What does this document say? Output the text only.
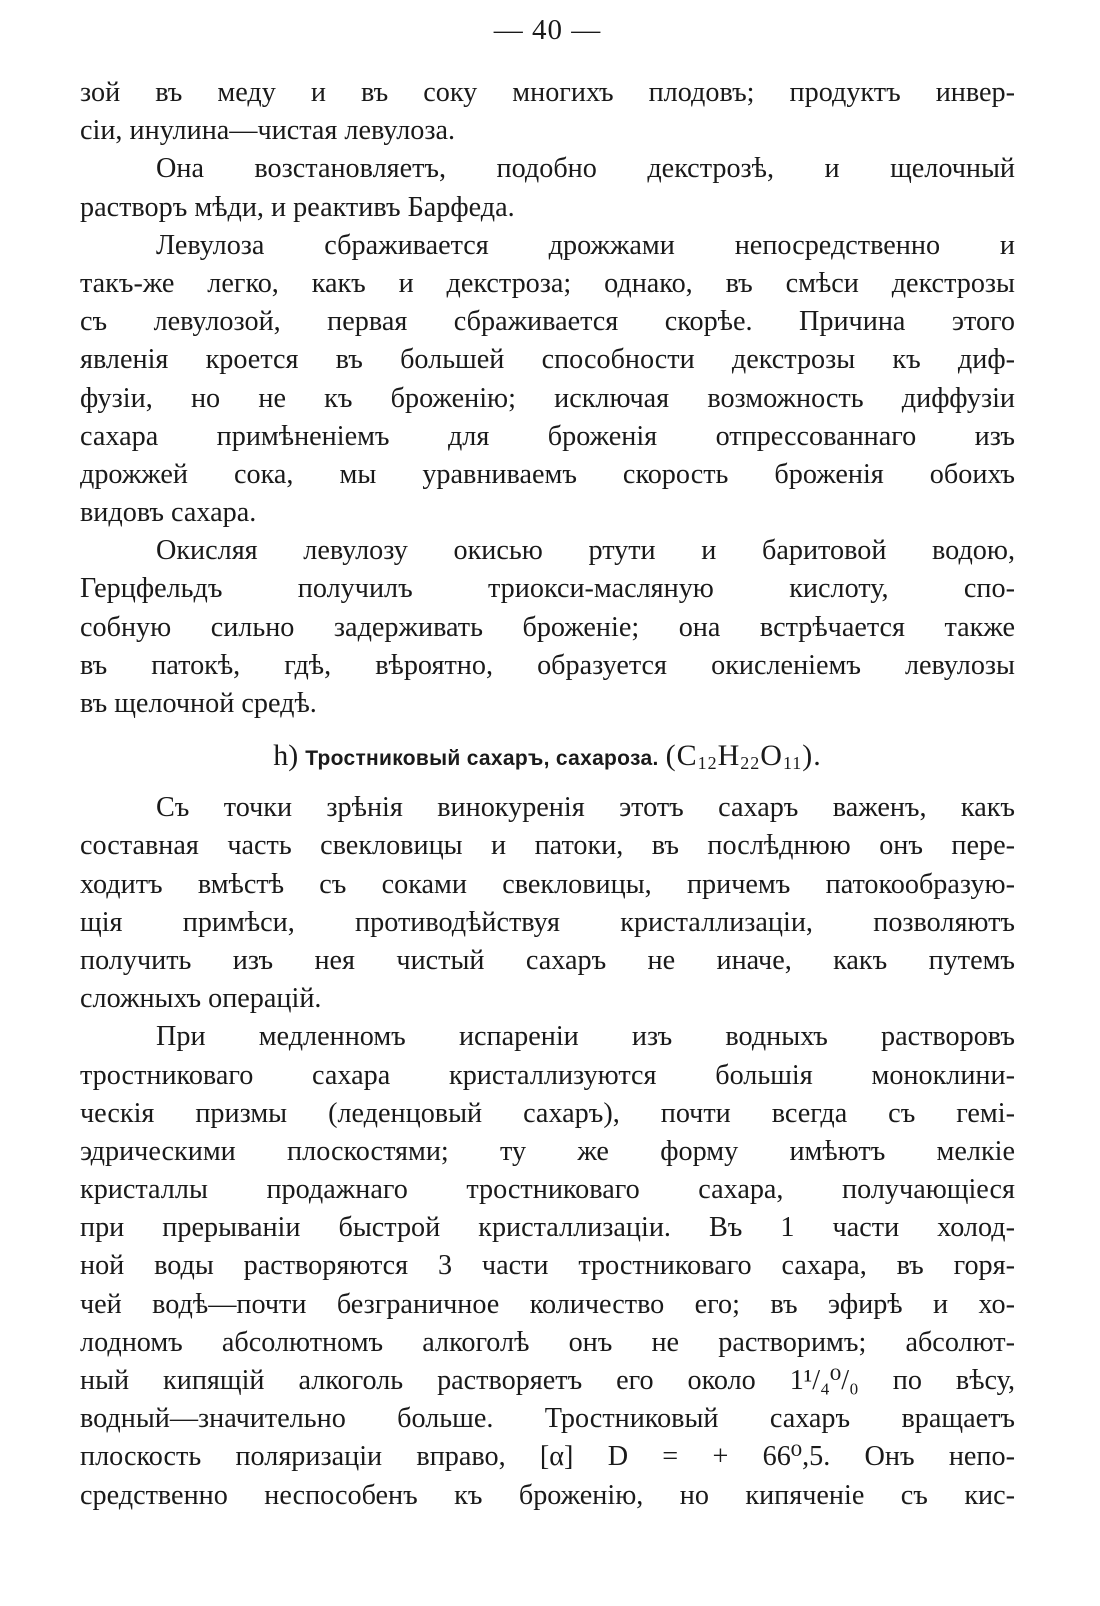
— 40 —
зой въ меду и въ соку многихъ плодовъ; продуктъ инвер-
сіи, инулина—чистая левулоза.
Она возстановляетъ, подобно декстрозѣ, и щелочный
растворъ мѣди, и реактивъ Барфеда.
Левулоза сбраживается дрожжами непосредственно и
такъ-же легко, какъ и декстроза; однако, въ смѣси декстрозы
съ левулозой, первая сбраживается скорѣе. Причина этого
явленія кроется въ большей способности декстрозы къ диф-
фузіи, но не къ броженію; исключая возможность диффузіи
сахара примѣненіемъ для броженія отпрессованнаго изъ
дрожжей сока, мы уравниваемъ скорость броженія обоихъ
видовъ сахара.
Окисляя левулозу окисью ртути и баритовой водою,
Герцфельдъ получилъ триокси-масляную кислоту, спо-
собную сильно задерживать броженіе; она встрѣчается также
въ патокѣ, гдѣ, вѣроятно, образуется окисленіемъ левулозы
въ щелочной средѣ.
h) Тростниковый сахаръ, сахароза. $(C_{12}H_{22}O_{11})$.
Съ точки зрѣнія винокуренія этотъ сахаръ важенъ, какъ
составная часть свекловицы и патоки, въ послѣднюю онъ пере-
ходитъ вмѣстѣ съ соками свекловицы, причемъ патокообразую-
щія примѣси, противодѣйствуя кристаллизаціи, позволяютъ
получить изъ нея чистый сахаръ не иначе, какъ путемъ
сложныхъ операцій.
При медленномъ испареніи изъ водныхъ растворовъ
тростниковаго сахара кристаллизуются большія моноклини-
ческія призмы (леденцовый сахаръ), почти всегда съ гемі-
эдрическими плоскостями; ту же форму имѣютъ мелкіе
кристаллы продажнаго тростниковаго сахара, получающіеся
при прерываніи быстрой кристаллизаціи. Въ 1 части холод-
ной воды растворяются 3 части тростниковаго сахара, въ горя-
чей водѣ—почти безграничное количество его; въ эфирѣ и хо-
лодномъ абсолютномъ алкоголѣ онъ не растворимъ; абсолют-
ный кипящій алкоголь растворяетъ его около 1¹/₄⁰/₀ по вѣсу,
водный—значительно больше. Тростниковый сахаръ вращаетъ
плоскость поляризаціи вправо, [α] D = + 66⁰,5. Онъ непо-
средственно неспособенъ къ броженію, но кипяченіе съ кис-
